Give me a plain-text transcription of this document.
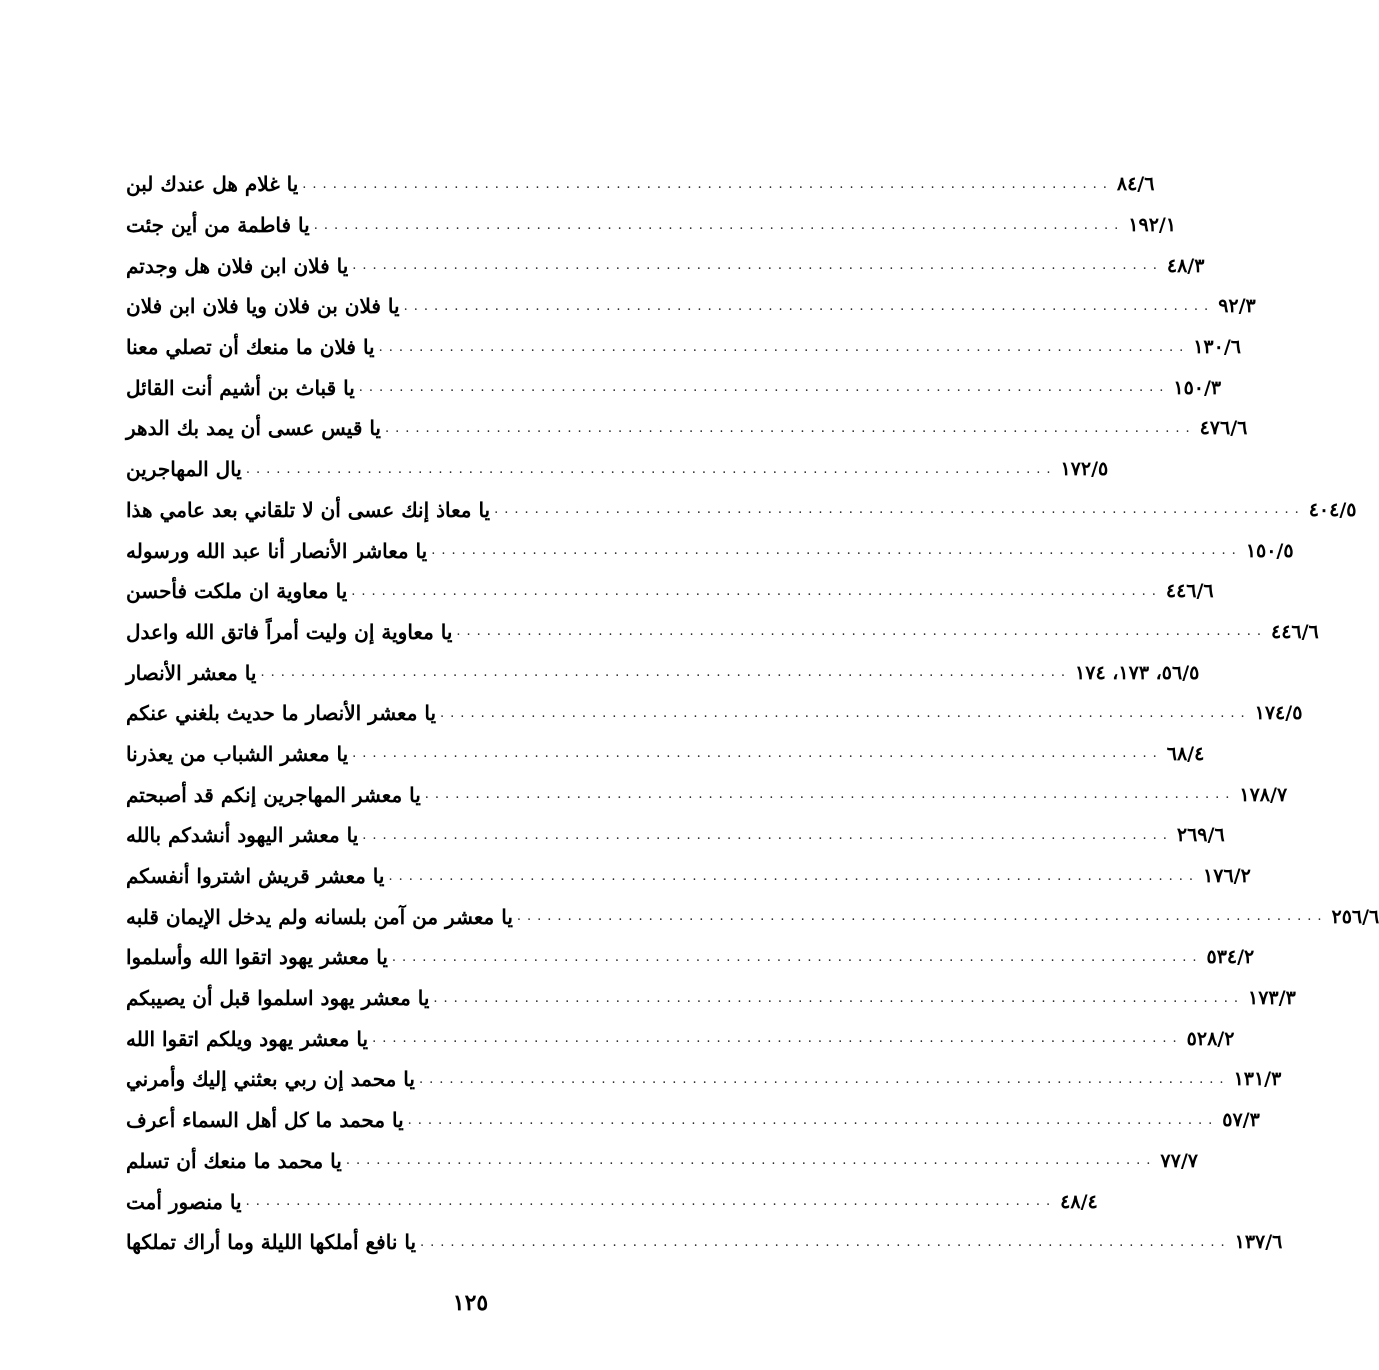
يا غلام هل عندك لبن ................................................................................ ٨٤/٦
يا فاطمة من أين جئت ................................................................................ ١٩٢/١
يا فلان ابن فلان هل وجدتم ................................................................................ ٤٨/٣
يا فلان بن فلان ويا فلان ابن فلان ................................................................................ ٩٢/٣
يا فلان ما منعك أن تصلي معنا ................................................................................ ١٣٠/٦
يا قباث بن أشيم أنت القائل ................................................................................ ١٥٠/٣
يا قيس عسى أن يمد بك الدهر ................................................................................ ٤٧٦/٦
يال المهاجرين ................................................................................ ١٧٢/٥
يا معاذ إنك عسى أن لا تلقاني بعد عامي هذا ................................................................................ ٤٠٤/٥
يا معاشر الأنصار أنا عبد الله ورسوله ................................................................................ ١٥٠/٥
يا معاوية ان ملكت فأحسن ................................................................................ ٤٤٦/٦
يا معاوية إن وليت أمراً فاتق الله واعدل ................................................................................ ٤٤٦/٦
يا معشر الأنصار ................................................................................ ٥٦/٥، ١٧٣، ١٧٤
يا معشر الأنصار ما حديث بلغني عنكم ................................................................................ ١٧٤/٥
يا معشر الشباب من يعذرنا ................................................................................ ٦٨/٤
يا معشر المهاجرين إنكم قد أصبحتم ................................................................................ ١٧٨/٧
يا معشر اليهود أنشدكم بالله ................................................................................ ٢٦٩/٦
يا معشر قريش اشتروا أنفسكم ................................................................................ ١٧٦/٢
يا معشر من آمن بلسانه ولم يدخل الإيمان قلبه ................................................................................ ٢٥٦/٦
يا معشر يهود اتقوا الله وأسلموا ................................................................................ ٥٣٤/٢
يا معشر يهود اسلموا قبل أن يصيبكم ................................................................................ ١٧٣/٣
يا معشر يهود ويلكم اتقوا الله ................................................................................ ٥٢٨/٢
يا محمد إن ربي بعثني إليك وأمرني ................................................................................ ١٣١/٣
يا محمد ما كل أهل السماء أعرف ................................................................................ ٥٧/٣
يا محمد ما منعك أن تسلم ................................................................................ ٧٧/٧
يا منصور أمت ................................................................................ ٤٨/٤
يا نافع أملكها الليلة وما أراك تملكها ................................................................................ ١٣٧/٦
١٢٥
